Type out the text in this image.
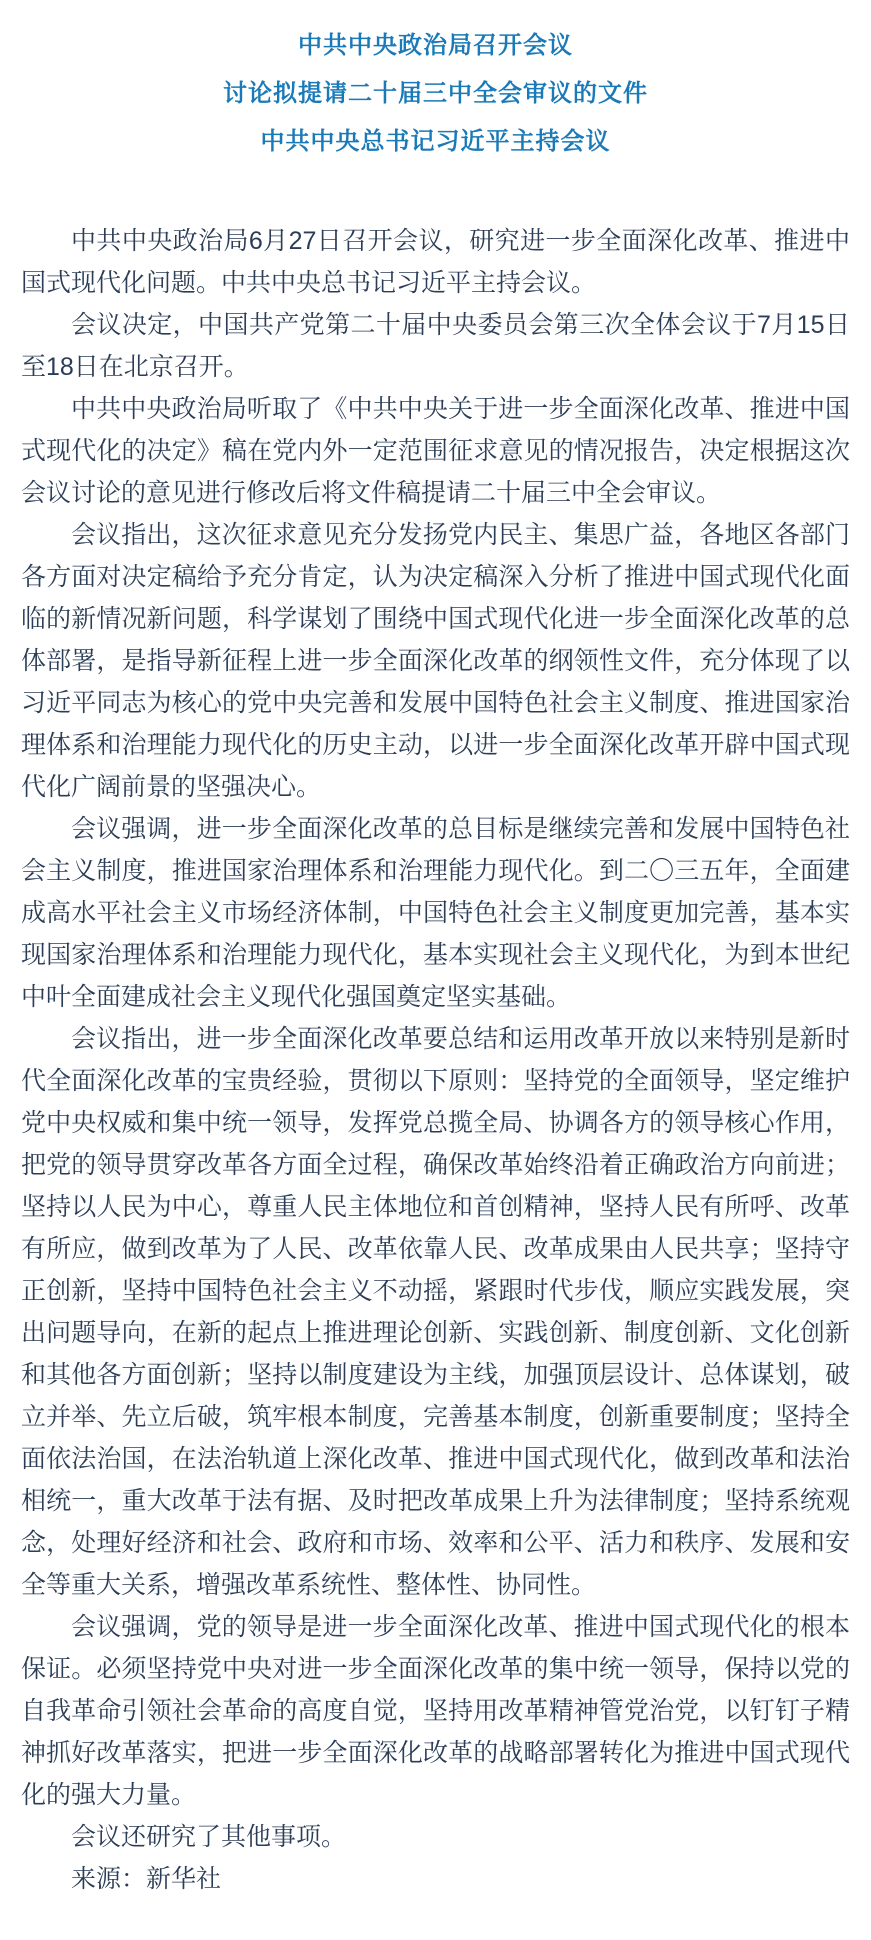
中共中央政治局召开会议
讨论拟提请二十届三中全会审议的文件
中共中央总书记习近平主持会议

中共中央政治局6月27日召开会议，研究进一步全面深化改革、推进中国式现代化问题。中共中央总书记习近平主持会议。

会议决定，中国共产党第二十届中央委员会第三次全体会议于7月15日至18日在北京召开。

中共中央政治局听取了《中共中央关于进一步全面深化改革、推进中国式现代化的决定》稿在党内外一定范围征求意见的情况报告，决定根据这次会议讨论的意见进行修改后将文件稿提请二十届三中全会审议。

会议指出，这次征求意见充分发扬党内民主、集思广益，各地区各部门各方面对决定稿给予充分肯定，认为决定稿深入分析了推进中国式现代化面临的新情况新问题，科学谋划了围绕中国式现代化进一步全面深化改革的总体部署，是指导新征程上进一步全面深化改革的纲领性文件，充分体现了以习近平同志为核心的党中央完善和发展中国特色社会主义制度、推进国家治理体系和治理能力现代化的历史主动，以进一步全面深化改革开辟中国式现代化广阔前景的坚强决心。

会议强调，进一步全面深化改革的总目标是继续完善和发展中国特色社会主义制度，推进国家治理体系和治理能力现代化。到二〇三五年，全面建成高水平社会主义市场经济体制，中国特色社会主义制度更加完善，基本实现国家治理体系和治理能力现代化，基本实现社会主义现代化，为到本世纪中叶全面建成社会主义现代化强国奠定坚实基础。

会议指出，进一步全面深化改革要总结和运用改革开放以来特别是新时代全面深化改革的宝贵经验，贯彻以下原则：坚持党的全面领导，坚定维护党中央权威和集中统一领导，发挥党总揽全局、协调各方的领导核心作用，把党的领导贯穿改革各方面全过程，确保改革始终沿着正确政治方向前进；坚持以人民为中心，尊重人民主体地位和首创精神，坚持人民有所呼、改革有所应，做到改革为了人民、改革依靠人民、改革成果由人民共享；坚持守正创新，坚持中国特色社会主义不动摇，紧跟时代步伐，顺应实践发展，突出问题导向，在新的起点上推进理论创新、实践创新、制度创新、文化创新和其他各方面创新；坚持以制度建设为主线，加强顶层设计、总体谋划，破立并举、先立后破，筑牢根本制度，完善基本制度，创新重要制度；坚持全面依法治国，在法治轨道上深化改革、推进中国式现代化，做到改革和法治相统一，重大改革于法有据、及时把改革成果上升为法律制度；坚持系统观念，处理好经济和社会、政府和市场、效率和公平、活力和秩序、发展和安全等重大关系，增强改革系统性、整体性、协同性。

会议强调，党的领导是进一步全面深化改革、推进中国式现代化的根本保证。必须坚持党中央对进一步全面深化改革的集中统一领导，保持以党的自我革命引领社会革命的高度自觉，坚持用改革精神管党治党，以钉钉子精神抓好改革落实，把进一步全面深化改革的战略部署转化为推进中国式现代化的强大力量。

会议还研究了其他事项。

来源：新华社
